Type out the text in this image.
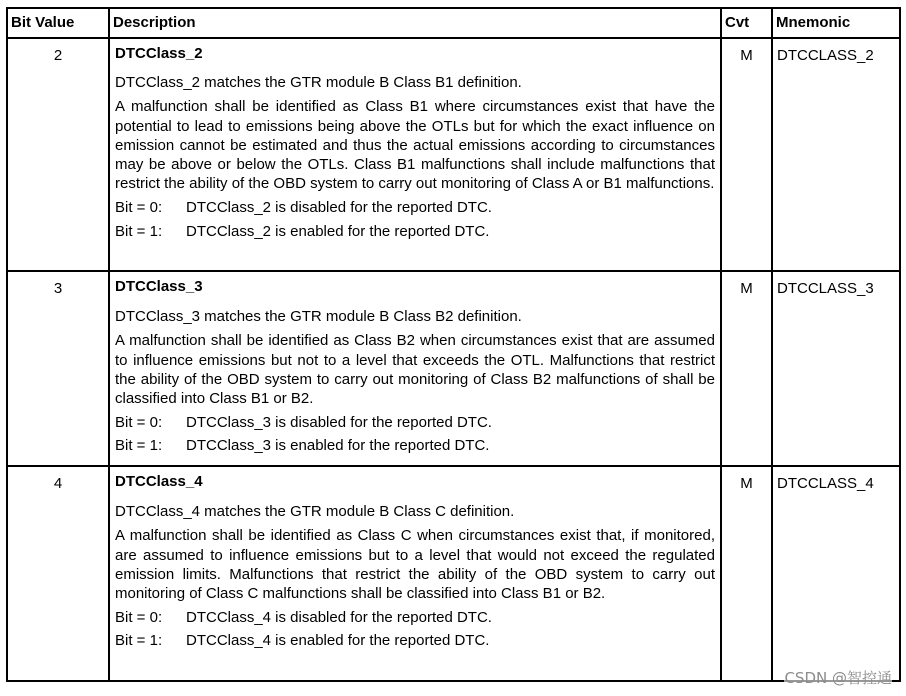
Bit Value	Description	Cvt	Mnemonic
2	DTCClass_2
DTCClass_2 matches the GTR module B Class B1 definition.
A malfunction shall be identified as Class B1 where circumstances exist that have the potential to lead to emissions being above the OTLs but for which the exact influence on emission cannot be estimated and thus the actual emissions according to circumstances may be above or below the OTLs. Class B1 malfunctions shall include malfunctions that restrict the ability of the OBD system to carry out monitoring of Class A or B1 malfunctions.
Bit = 0: DTCClass_2 is disabled for the reported DTC.
Bit = 1: DTCClass_2 is enabled for the reported DTC.	M	DTCCLASS_2
3	DTCClass_3
DTCClass_3 matches the GTR module B Class B2 definition.
A malfunction shall be identified as Class B2 when circumstances exist that are assumed to influence emissions but not to a level that exceeds the OTL. Malfunctions that restrict the ability of the OBD system to carry out monitoring of Class B2 malfunctions of shall be classified into Class B1 or B2.
Bit = 0: DTCClass_3 is disabled for the reported DTC.
Bit = 1: DTCClass_3 is enabled for the reported DTC.	M	DTCCLASS_3
4	DTCClass_4
DTCClass_4 matches the GTR module B Class C definition.
A malfunction shall be identified as Class C when circumstances exist that, if monitored, are assumed to influence emissions but to a level that would not exceed the regulated emission limits. Malfunctions that restrict the ability of the OBD system to carry out monitoring of Class C malfunctions shall be classified into Class B1 or B2.
Bit = 0: DTCClass_4 is disabled for the reported DTC.
Bit = 1: DTCClass_4 is enabled for the reported DTC.	M	DTCCLASS_4
CSDN @智控通
